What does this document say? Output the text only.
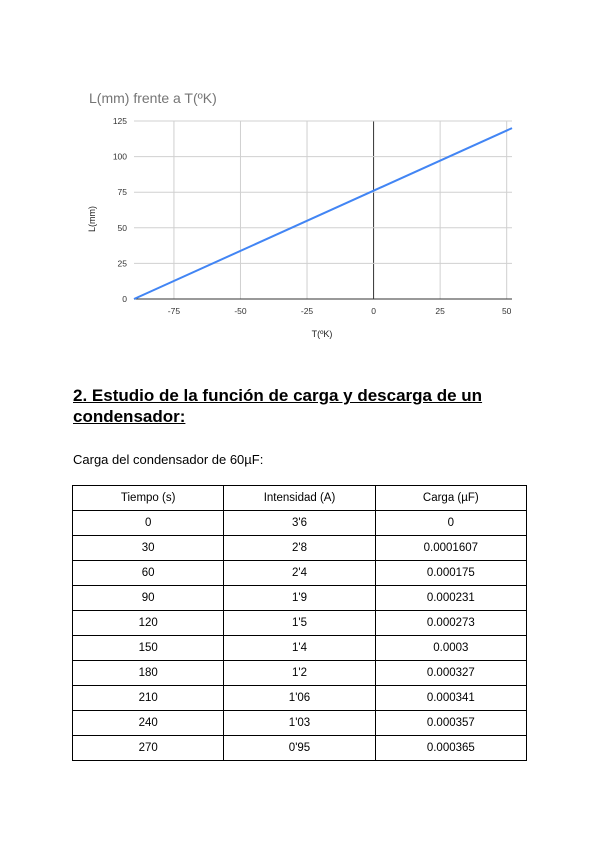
L(mm) frente a T(ºK)
-75	-50	-25	0	25	50
0
25
50
75
100
125
T(ºK)
L(mm)
2. Estudio de la función de carga y descarga de un condensador:

Carga del condensador de 60µF:

Tiempo (s)	Intensidad (A)	Carga (µF)
0	3'6	0
30	2'8	0.0001607
60	2'4	0.000175
90	1'9	0.000231
120	1'5	0.000273
150	1'4	0.0003
180	1'2	0.000327
210	1'06	0.000341
240	1'03	0.000357
270	0'95	0.000365
